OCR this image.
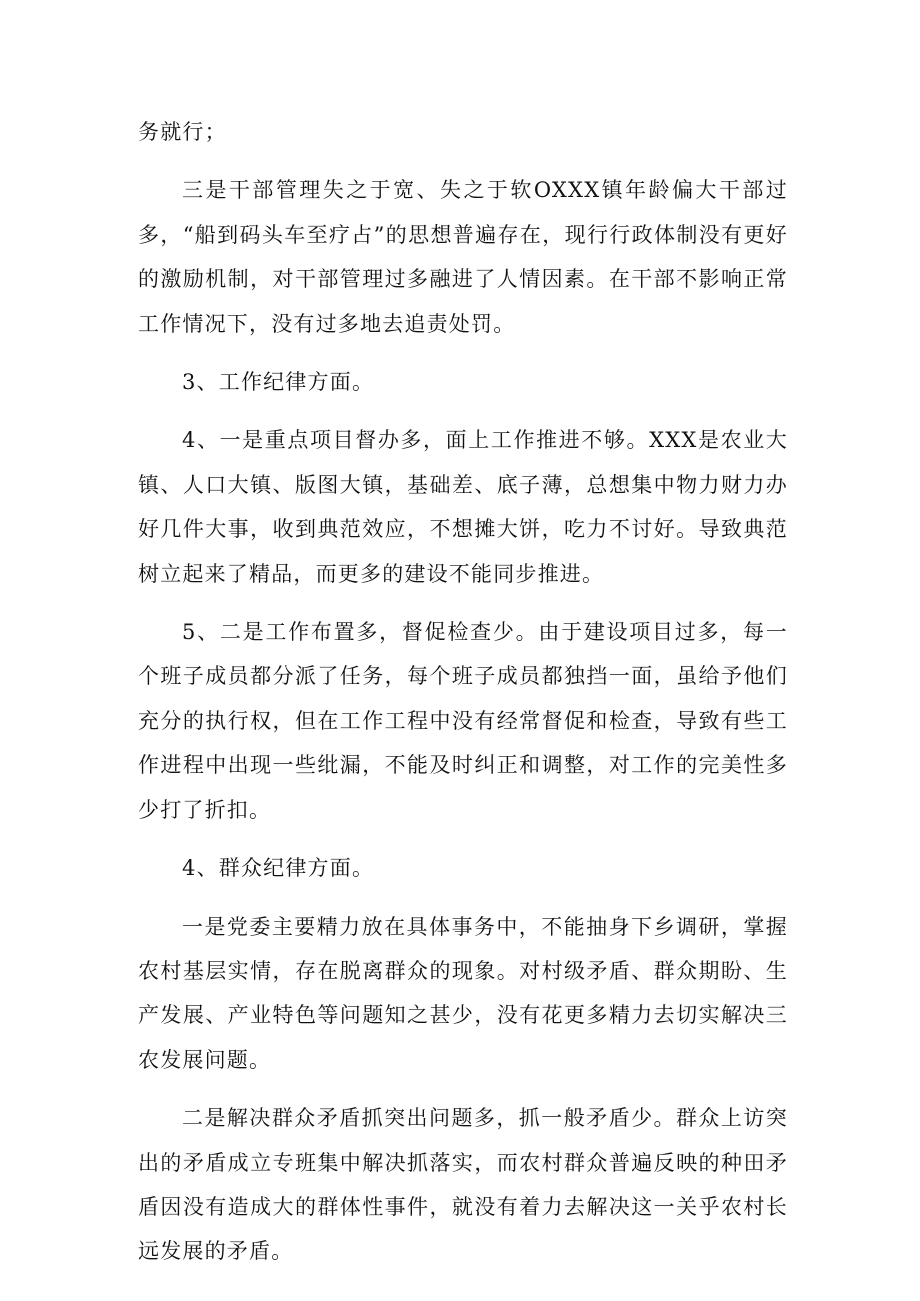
务就行；

三是干部管理失之于宽、失之于软OXXX镇年龄偏大干部过多，“船到码头车至疗占”的思想普遍存在，现行行政体制没有更好的激励机制，对干部管理过多融进了人情因素。在干部不影响正常工作情况下，没有过多地去追责处罚。

3、工作纪律方面。

4、一是重点项目督办多，面上工作推进不够。XXX是农业大镇、人口大镇、版图大镇，基础差、底子薄，总想集中物力财力办好几件大事，收到典范效应，不想摊大饼，吃力不讨好。导致典范树立起来了精品，而更多的建设不能同步推进。

5、二是工作布置多，督促检查少。由于建设项目过多，每一个班子成员都分派了任务，每个班子成员都独挡一面，虽给予他们充分的执行权，但在工作工程中没有经常督促和检查，导致有些工作进程中出现一些纰漏，不能及时纠正和调整，对工作的完美性多少打了折扣。

4、群众纪律方面。

一是党委主要精力放在具体事务中，不能抽身下乡调研，掌握农村基层实情，存在脱离群众的现象。对村级矛盾、群众期盼、生产发展、产业特色等问题知之甚少，没有花更多精力去切实解决三农发展问题。

二是解决群众矛盾抓突出问题多，抓一般矛盾少。群众上访突出的矛盾成立专班集中解决抓落实，而农村群众普遍反映的种田矛盾因没有造成大的群体性事件，就没有着力去解决这一关乎农村长远发展的矛盾。
